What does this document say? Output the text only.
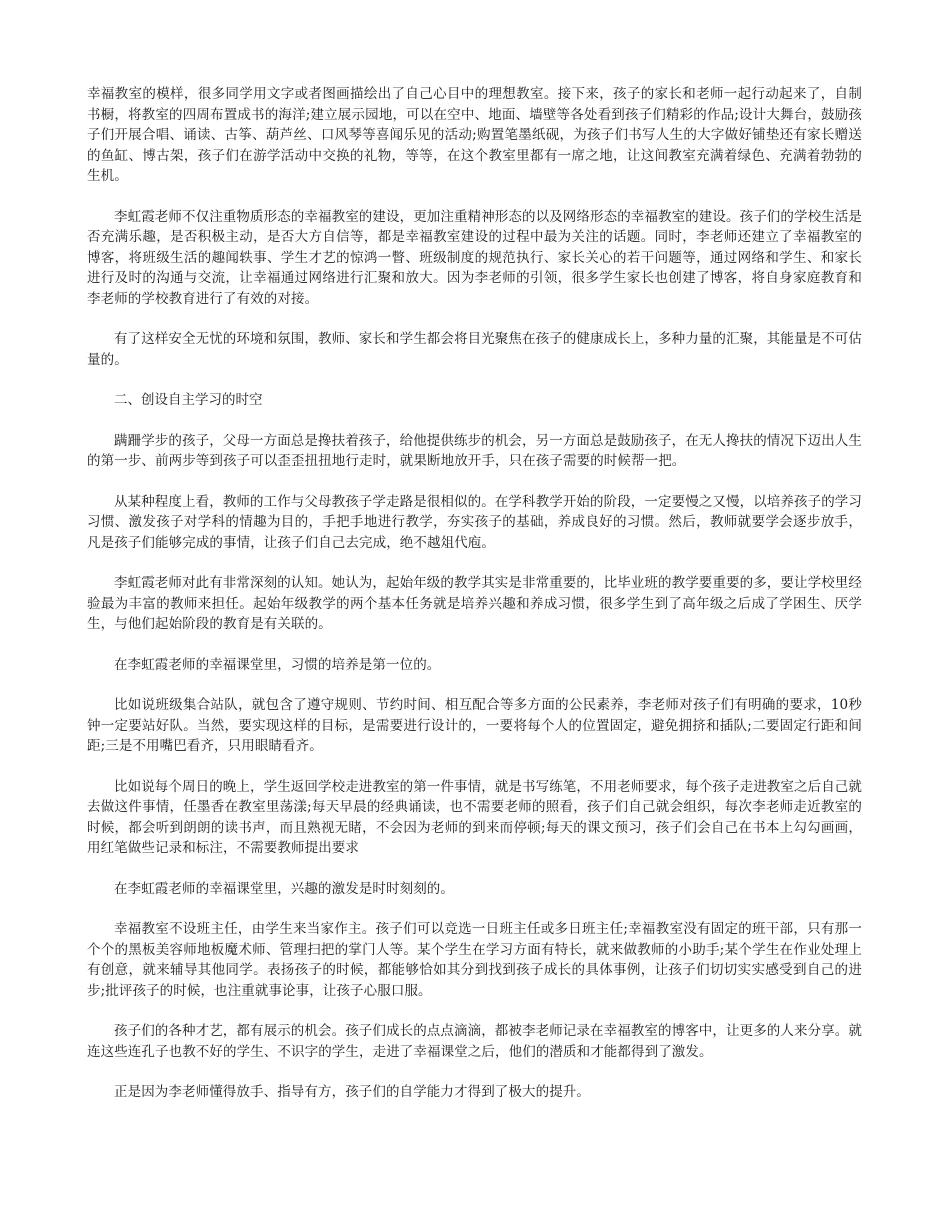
幸福教室的模样，很多同学用文字或者图画描绘出了自己心目中的理想教室。接下来，孩子的家长和老师一起行动起来了，自制书橱，将教室的四周布置成书的海洋;建立展示园地，可以在空中、地面、墙壁等各处看到孩子们精彩的作品;设计大舞台，鼓励孩子们开展合唱、诵读、古筝、葫芦丝、口风琴等喜闻乐见的活动;购置笔墨纸砚，为孩子们书写人生的大字做好铺垫还有家长赠送的鱼缸、博古架，孩子们在游学活动中交换的礼物，等等，在这个教室里都有一席之地，让这间教室充满着绿色、充满着勃勃的生机。

李虹霞老师不仅注重物质形态的幸福教室的建设，更加注重精神形态的以及网络形态的幸福教室的建设。孩子们的学校生活是否充满乐趣，是否积极主动，是否大方自信等，都是幸福教室建设的过程中最为关注的话题。同时，李老师还建立了幸福教室的博客，将班级生活的趣闻轶事、学生才艺的惊鸿一瞥、班级制度的规范执行、家长关心的若干问题等，通过网络和学生、和家长进行及时的沟通与交流，让幸福通过网络进行汇聚和放大。因为李老师的引领，很多学生家长也创建了博客，将自身家庭教育和李老师的学校教育进行了有效的对接。

有了这样安全无忧的环境和氛围，教师、家长和学生都会将目光聚焦在孩子的健康成长上，多种力量的汇聚，其能量是不可估量的。

二、创设自主学习的时空

蹒跚学步的孩子，父母一方面总是搀扶着孩子，给他提供练步的机会，另一方面总是鼓励孩子，在无人搀扶的情况下迈出人生的第一步、前两步等到孩子可以歪歪扭扭地行走时，就果断地放开手，只在孩子需要的时候帮一把。

从某种程度上看，教师的工作与父母教孩子学走路是很相似的。在学科教学开始的阶段，一定要慢之又慢，以培养孩子的学习习惯、激发孩子对学科的情趣为目的，手把手地进行教学，夯实孩子的基础，养成良好的习惯。然后，教师就要学会逐步放手，凡是孩子们能够完成的事情，让孩子们自己去完成，绝不越俎代庖。

李虹霞老师对此有非常深刻的认知。她认为，起始年级的教学其实是非常重要的，比毕业班的教学要重要的多，要让学校里经验最为丰富的教师来担任。起始年级教学的两个基本任务就是培养兴趣和养成习惯，很多学生到了高年级之后成了学困生、厌学生，与他们起始阶段的教育是有关联的。

在李虹霞老师的幸福课堂里，习惯的培养是第一位的。

比如说班级集合站队，就包含了遵守规则、节约时间、相互配合等多方面的公民素养，李老师对孩子们有明确的要求，10秒钟一定要站好队。当然，要实现这样的目标，是需要进行设计的，一要将每个人的位置固定，避免拥挤和插队;二要固定行距和间距;三是不用嘴巴看齐，只用眼睛看齐。

比如说每个周日的晚上，学生返回学校走进教室的第一件事情，就是书写练笔，不用老师要求，每个孩子走进教室之后自己就去做这件事情，任墨香在教室里荡漾;每天早晨的经典诵读，也不需要老师的照看，孩子们自己就会组织，每次李老师走近教室的时候，都会听到朗朗的读书声，而且熟视无睹，不会因为老师的到来而停顿;每天的课文预习，孩子们会自己在书本上勾勾画画，用红笔做些记录和标注，不需要教师提出要求

在李虹霞老师的幸福课堂里，兴趣的激发是时时刻刻的。

幸福教室不设班主任，由学生来当家作主。孩子们可以竞选一日班主任或多日班主任;幸福教室没有固定的班干部，只有那一个个的黑板美容师地板魔术师、管理扫把的掌门人等。某个学生在学习方面有特长，就来做教师的小助手;某个学生在作业处理上有创意，就来辅导其他同学。表扬孩子的时候，都能够恰如其分到找到孩子成长的具体事例，让孩子们切切实实感受到自己的进步;批评孩子的时候，也注重就事论事，让孩子心服口服。

孩子们的各种才艺，都有展示的机会。孩子们成长的点点滴滴，都被李老师记录在幸福教室的博客中，让更多的人来分享。就连这些连孔子也教不好的学生、不识字的学生，走进了幸福课堂之后，他们的潜质和才能都得到了激发。

正是因为李老师懂得放手、指导有方，孩子们的自学能力才得到了极大的提升。
